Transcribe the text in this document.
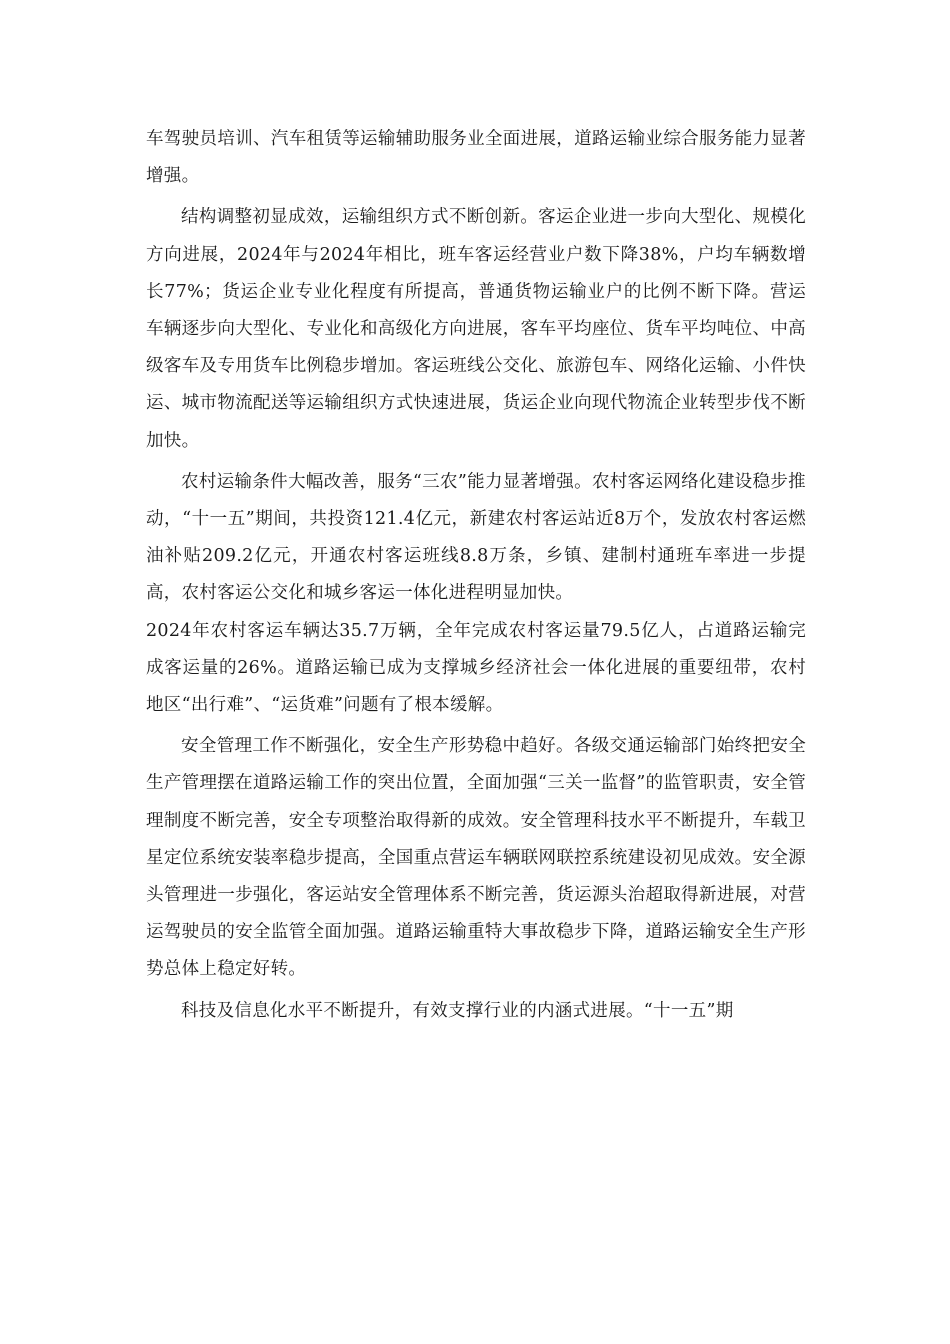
车驾驶员培训、汽车租赁等运输辅助服务业全面进展，道路运输业综合服务能力显著增强。

结构调整初显成效，运输组织方式不断创新。客运企业进一步向大型化、规模化方向进展，2024年与2024年相比，班车客运经营业户数下降38%，户均车辆数增长77%；货运企业专业化程度有所提高，普通货物运输业户的比例不断下降。营运车辆逐步向大型化、专业化和高级化方向进展，客车平均座位、货车平均吨位、中高级客车及专用货车比例稳步增加。客运班线公交化、旅游包车、网络化运输、小件快运、城市物流配送等运输组织方式快速进展，货运企业向现代物流企业转型步伐不断加快。

农村运输条件大幅改善，服务“三农”能力显著增强。农村客运网络化建设稳步推动，“十一五”期间，共投资121.4亿元，新建农村客运站近8万个，发放农村客运燃油补贴209.2亿元，开通农村客运班线8.8万条，乡镇、建制村通班车率进一步提高，农村客运公交化和城乡客运一体化进程明显加快。

2024年农村客运车辆达35.7万辆，全年完成农村客运量79.5亿人，占道路运输完成客运量的26%。道路运输已成为支撑城乡经济社会一体化进展的重要纽带，农村地区“出行难”、“运货难”问题有了根本缓解。

安全管理工作不断强化，安全生产形势稳中趋好。各级交通运输部门始终把安全生产管理摆在道路运输工作的突出位置，全面加强“三关一监督”的监管职责，安全管理制度不断完善，安全专项整治取得新的成效。安全管理科技水平不断提升，车载卫星定位系统安装率稳步提高，全国重点营运车辆联网联控系统建设初见成效。安全源头管理进一步强化，客运站安全管理体系不断完善，货运源头治超取得新进展，对营运驾驶员的安全监管全面加强。道路运输重特大事故稳步下降，道路运输安全生产形势总体上稳定好转。

科技及信息化水平不断提升，有效支撑行业的内涵式进展。“十一五”期
